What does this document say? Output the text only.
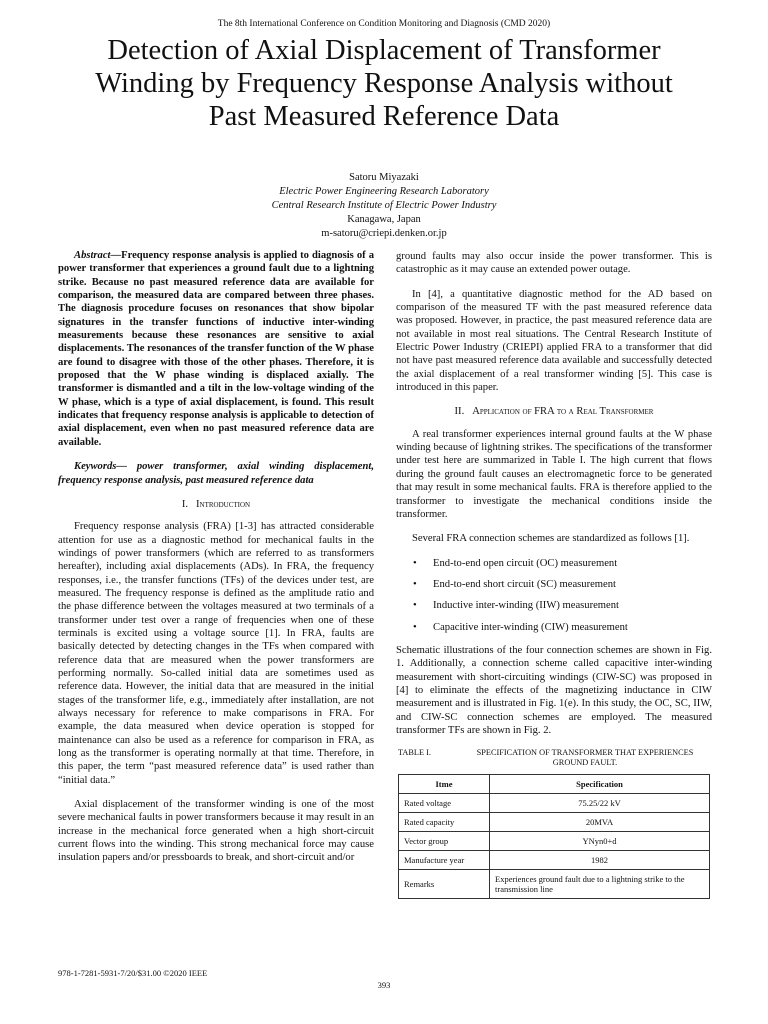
The 8th International Conference on Condition Monitoring and Diagnosis (CMD 2020)
Detection of Axial Displacement of Transformer
Winding by Frequency Response Analysis without
Past Measured Reference Data
Satoru Miyazaki
Electric Power Engineering Research Laboratory
Central Research Institute of Electric Power Industry
Kanagawa, Japan
m-satoru@criepi.denken.or.jp

Abstract—Frequency response analysis is applied to diagnosis of a power transformer that experiences a ground fault due to a lightning strike. Because no past measured reference data are available for comparison, the measured data are compared between three phases. The diagnosis procedure focuses on resonances that show bipolar signatures in the transfer functions of inductive inter-winding measurements because these resonances are sensitive to axial displacements. The resonances of the transfer function of the W phase are found to disagree with those of the other phases. Therefore, it is proposed that the W phase winding is displaced axially. The transformer is dismantled and a tilt in the low-voltage winding of the W phase, which is a type of axial displacement, is found. This result indicates that frequency response analysis is applicable to detection of axial displacement, even when no past measured reference data are available.

Keywords— power transformer, axial winding displacement, frequency response analysis, past measured reference data

I. Introduction

Frequency response analysis (FRA) [1-3] has attracted considerable attention for use as a diagnostic method for mechanical faults in the windings of power transformers (which are referred to as transformers hereafter), including axial displacements (ADs). In FRA, the frequency responses, i.e., the transfer functions (TFs) of the devices under test, are measured. The frequency response is defined as the amplitude ratio and the phase difference between the voltages measured at two terminals of a transformer under test over a range of frequencies when one of these terminals is excited using a voltage source [1]. In FRA, faults are basically detected by detecting changes in the TFs when compared with reference data that are measured when the power transformers are performing normally. So-called initial data are sometimes used as reference data. However, the initial data that are measured in the initial stages of the transformer life, e.g., immediately after installation, are not always necessary for reference to make comparisons in FRA. For example, the data measured when device operation is stopped for maintenance can also be used as a reference for comparison in FRA, as long as the transformer is operating normally at that time. Therefore, in this paper, the term “past measured reference data” is used rather than “initial data.”

Axial displacement of the transformer winding is one of the most severe mechanical faults in power transformers because it may result in an increase in the mechanical force generated when a high short-circuit current flows into the winding. This strong mechanical force may cause insulation papers and/or pressboards to break, and short-circuit and/or

ground faults may also occur inside the power transformer. This is catastrophic as it may cause an extended power outage.

In [4], a quantitative diagnostic method for the AD based on comparison of the measured TF with the past measured reference data was proposed. However, in practice, the past measured reference data are not available in most real situations. The Central Research Institute of Electric Power Industry (CRIEPI) applied FRA to a transformer that did not have past measured reference data available and successfully detected the axial displacement of a real transformer winding [5]. This case is introduced in this paper.

II. Application of FRA to a Real Transformer

A real transformer experiences internal ground faults at the W phase winding because of lightning strikes. The specifications of the transformer under test here are summarized in Table I. The high current that flows during the ground fault causes an electromagnetic force to be generated that may result in some mechanical faults. FRA is therefore applied to the transformer to investigate the mechanical conditions inside the transformer.

Several FRA connection schemes are standardized as follows [1].

• End-to-end open circuit (OC) measurement
• End-to-end short circuit (SC) measurement
• Inductive inter-winding (IIW) measurement
• Capacitive inter-winding (CIW) measurement

Schematic illustrations of the four connection schemes are shown in Fig. 1. Additionally, a connection scheme called capacitive inter-winding measurement with short-circuiting windings (CIW-SC) was proposed in [4] to eliminate the effects of the magnetizing inductance in CIW measurement and is illustrated in Fig. 1(e). In this study, the OC, SC, IIW, and CIW-SC connection schemes are employed. The measured transformer TFs are shown in Fig. 2.

TABLE I.	SPECIFICATION OF TRANSFORMER THAT EXPERIENCES GROUND FAULT.
Itme	Specification
Rated voltage	75.25/22 kV
Rated capacity	20MVA
Vector group	YNyn0+d
Manufacture year	1982
Remarks	Experiences ground fault due to a lightning strike to the transmission line
978-1-7281-5931-7/20/$31.00 ©2020 IEEE
393
